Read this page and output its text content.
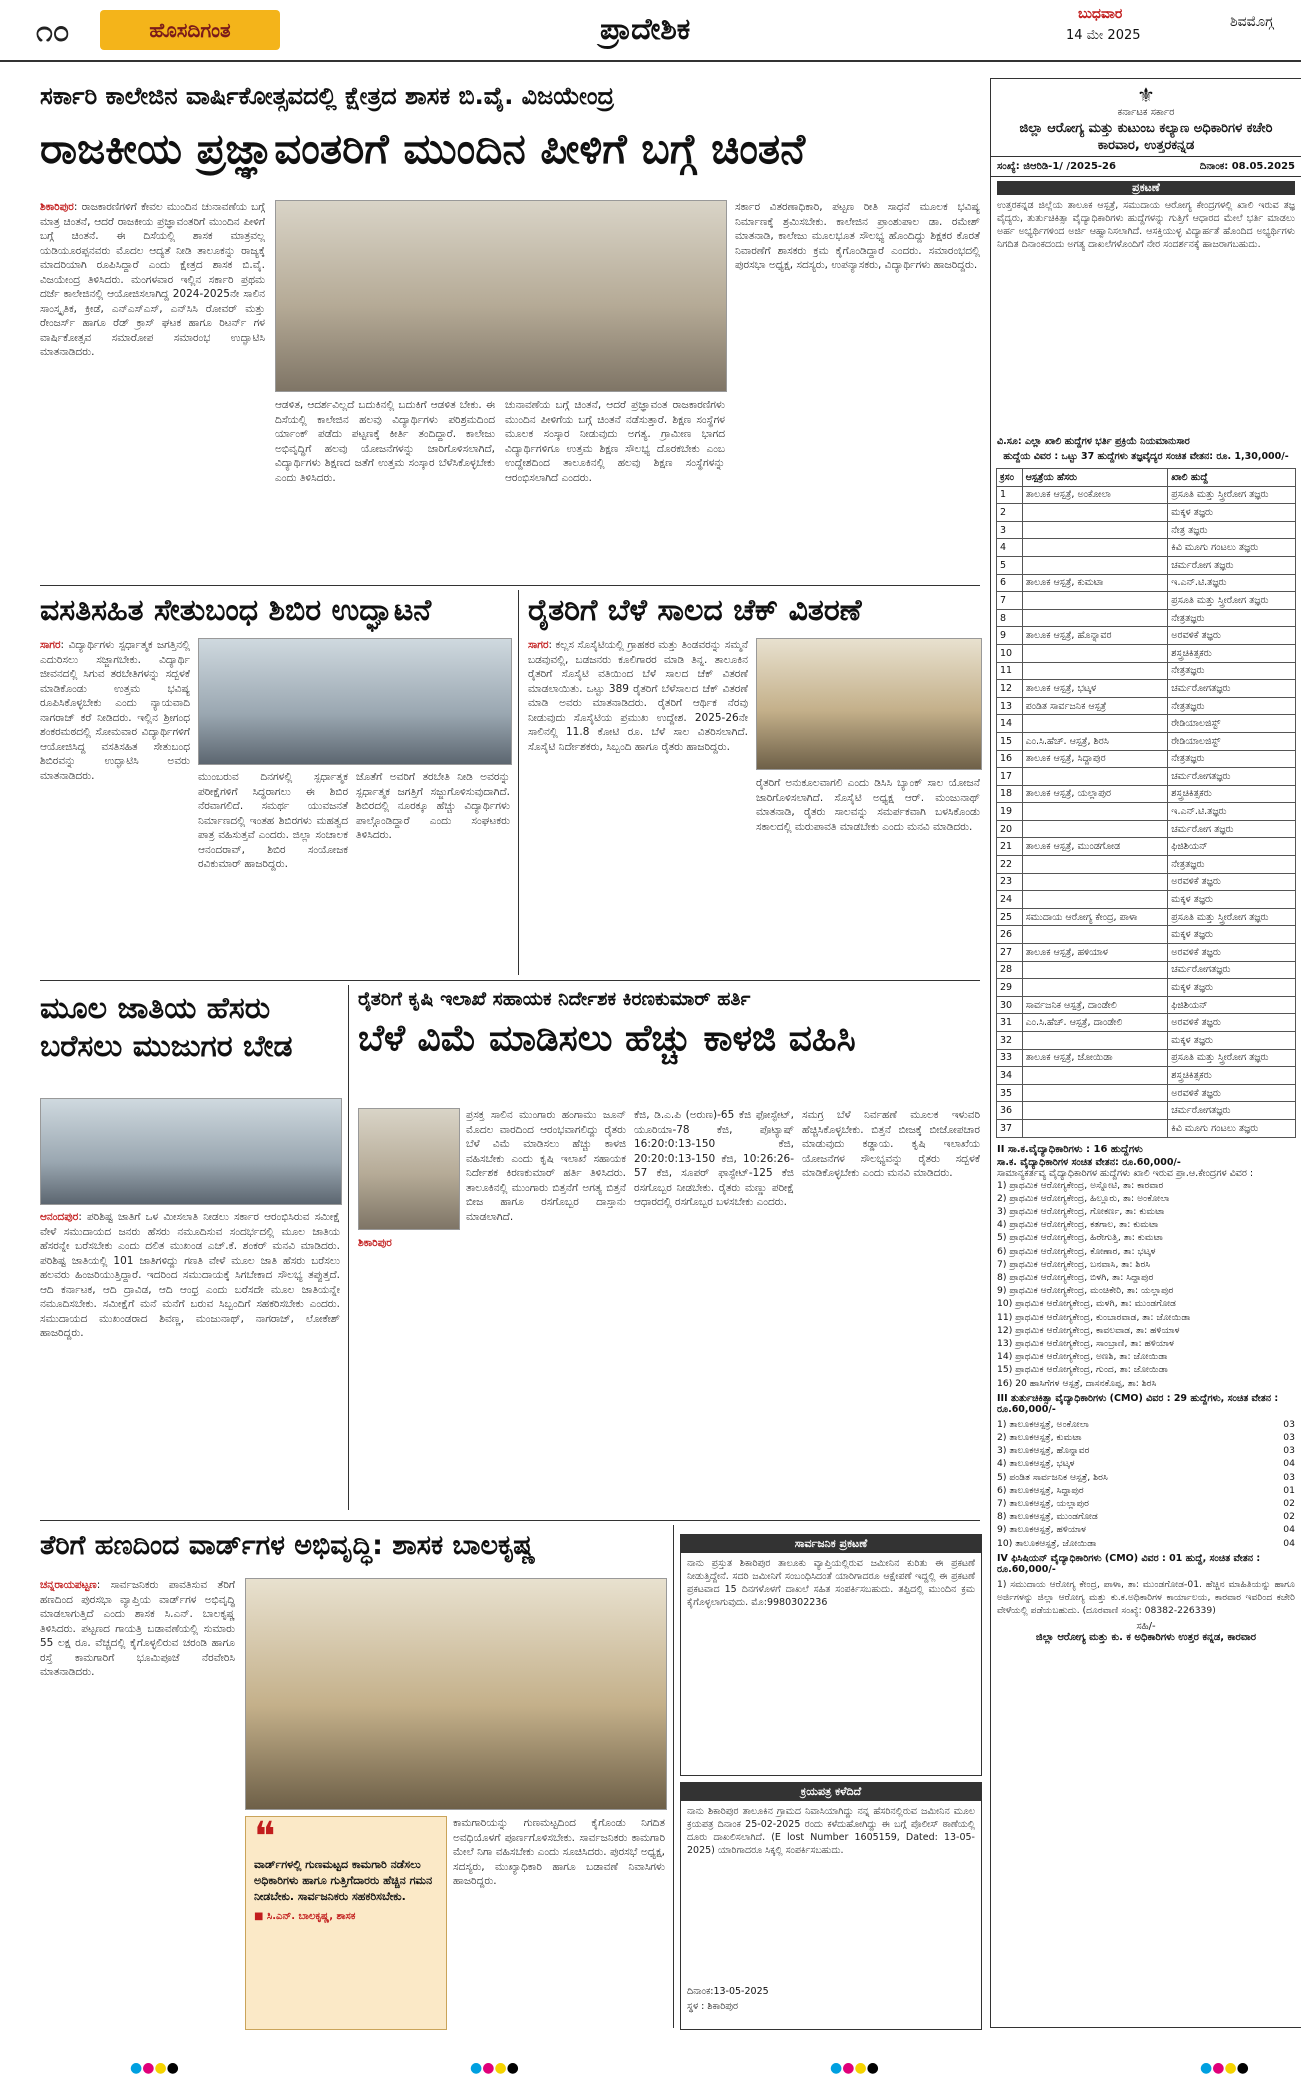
೧೦	ಹೊಸದಿಗಂತ	ಪ್ರಾದೇಶಿಕ	ಬುಧವಾರ
14 ಮೇ 2025
ಶಿವಮೊಗ್ಗ
ಸರ್ಕಾರಿ ಕಾಲೇಜಿನ ವಾರ್ಷಿಕೋತ್ಸವದಲ್ಲಿ ಕ್ಷೇತ್ರದ ಶಾಸಕ ಬಿ.ವೈ. ವಿಜಯೇಂದ್ರ
ರಾಜಕೀಯ ಪ್ರಜ್ಞಾವಂತರಿಗೆ ಮುಂದಿನ ಪೀಳಿಗೆ ಬಗ್ಗೆ ಚಿಂತನೆ
ಶಿಕಾರಿಪುರ: ರಾಜಕಾರಣಿಗಳಿಗೆ ಕೇವಲ ಮುಂದಿನ ಚುನಾವಣೆಯ ಬಗ್ಗೆ ಮಾತ್ರ ಚಿಂತನೆ, ಆದರೆ ರಾಜಕೀಯ ಪ್ರಜ್ಞಾವಂತರಿಗೆ ಮುಂದಿನ ಪೀಳಿಗೆ ಬಗ್ಗೆ ಚಿಂತನೆ. ಈ ದಿಸೆಯಲ್ಲಿ ಶಾಸಕ ಮಾತ್ರವಲ್ಲ ಯಡಿಯೂರಪ್ಪನವರು ಮೊದಲ ಆದ್ಯತೆ ನೀಡಿ ತಾಲೂಕನ್ನು ರಾಜ್ಯಕ್ಕೆ ಮಾದರಿಯಾಗಿ ರೂಪಿಸಿದ್ದಾರೆ ಎಂದು ಕ್ಷೇತ್ರದ ಶಾಸಕ ಬಿ.ವೈ. ವಿಜಯೇಂದ್ರ ತಿಳಿಸಿದರು. ಮಂಗಳವಾರ ಇಲ್ಲಿನ ಸರ್ಕಾರಿ ಪ್ರಥಮ ದರ್ಜೆ ಕಾಲೇಜಿನಲ್ಲಿ ಆಯೋಜಿಸಲಾಗಿದ್ದ 2024-2025ನೇ ಸಾಲಿನ ಸಾಂಸ್ಕೃತಿಕ, ಕ್ರೀಡೆ, ಎನ್‌ಎಸ್‌ಎಸ್, ಎನ್‌ಸಿಸಿ ರೋವರ್ ಮತ್ತು ರೇಂಜರ್ಸ್ ಹಾಗೂ ರೆಡ್ ಕ್ರಾಸ್ ಘಟಕ ಹಾಗೂ ರಿಟರ್ನ್ ಗಳ ವಾರ್ಷಿಕೋತ್ಸವ ಸಮಾರೋಪ ಸಮಾರಂಭ ಉದ್ಘಾಟಿಸಿ ಮಾತನಾಡಿದರು.
ಆಡಳಿತ, ಆದರ್ಶವಿಲ್ಲದೆ ಬದುಕಿನಲ್ಲಿ ಬದುಕಿಗೆ ಆಡಳಿತ ಬೇಕು. ಈ ದಿಸೆಯಲ್ಲಿ ಕಾಲೇಜಿನ ಹಲವು ವಿದ್ಯಾರ್ಥಿಗಳು ಪರಿಶ್ರಮದಿಂದ ರ್ಯಾಂಕ್ ಪಡೆದು ಪಟ್ಟಣಕ್ಕೆ ಕೀರ್ತಿ ತಂದಿದ್ದಾರೆ. ಕಾಲೇಜು ಅಭಿವೃದ್ಧಿಗೆ ಹಲವು ಯೋಜನೆಗಳನ್ನು ಜಾರಿಗೊಳಿಸಲಾಗಿದೆ, ವಿದ್ಯಾರ್ಥಿಗಳು ಶಿಕ್ಷಣದ ಜತೆಗೆ ಉತ್ತಮ ಸಂಸ್ಕಾರ ಬೆಳೆಸಿಕೊಳ್ಳಬೇಕು ಎಂದು ತಿಳಿಸಿದರು.
ಚುನಾವಣೆಯ ಬಗ್ಗೆ ಚಿಂತನೆ, ಆದರೆ ಪ್ರಜ್ಞಾವಂತ ರಾಜಕಾರಣಿಗಳು ಮುಂದಿನ ಪೀಳಿಗೆಯ ಬಗ್ಗೆ ಚಿಂತನೆ ನಡೆಸುತ್ತಾರೆ. ಶಿಕ್ಷಣ ಸಂಸ್ಥೆಗಳ ಮೂಲಕ ಸಂಸ್ಕಾರ ನೀಡುವುದು ಅಗತ್ಯ. ಗ್ರಾಮೀಣ ಭಾಗದ ವಿದ್ಯಾರ್ಥಿಗಳಿಗೂ ಉತ್ತಮ ಶಿಕ್ಷಣ ಸೌಲಭ್ಯ ದೊರಕಬೇಕು ಎಂಬ ಉದ್ದೇಶದಿಂದ ತಾಲೂಕಿನಲ್ಲಿ ಹಲವು ಶಿಕ್ಷಣ ಸಂಸ್ಥೆಗಳನ್ನು ಆರಂಭಿಸಲಾಗಿದೆ ಎಂದರು.
ಸರ್ಕಾರ ವಿತರಣಾಧಿಕಾರಿ, ಪಟ್ಟಣ ರೀತಿ ಸಾಧನೆ ಮೂಲಕ ಭವಿಷ್ಯ ನಿರ್ಮಾಣಕ್ಕೆ ಶ್ರಮಿಸಬೇಕು. ಕಾಲೇಜಿನ ಪ್ರಾಂಶುಪಾಲ ಡಾ. ರಮೇಶ್ ಮಾತನಾಡಿ, ಕಾಲೇಜು ಮೂಲಭೂತ ಸೌಲಭ್ಯ ಹೊಂದಿದ್ದು ಶಿಕ್ಷಕರ ಕೊರತೆ ನಿವಾರಣೆಗೆ ಶಾಸಕರು ಕ್ರಮ ಕೈಗೊಂಡಿದ್ದಾರೆ ಎಂದರು. ಸಮಾರಂಭದಲ್ಲಿ ಪುರಸಭಾ ಅಧ್ಯಕ್ಷ, ಸದಸ್ಯರು, ಉಪನ್ಯಾಸಕರು, ವಿದ್ಯಾರ್ಥಿಗಳು ಹಾಜರಿದ್ದರು.
ವಸತಿಸಹಿತ ಸೇತುಬಂಧ ಶಿಬಿರ ಉದ್ಘಾಟನೆ
ಸಾಗರ: ವಿದ್ಯಾರ್ಥಿಗಳು ಸ್ಪರ್ಧಾತ್ಮಕ ಜಗತ್ತಿನಲ್ಲಿ ಎದುರಿಸಲು ಸಜ್ಜಾಗಬೇಕು. ವಿದ್ಯಾರ್ಥಿ ಜೀವನದಲ್ಲಿ ಸಿಗುವ ತರಬೇತಿಗಳನ್ನು ಸದ್ಬಳಕೆ ಮಾಡಿಕೊಂಡು ಉತ್ತಮ ಭವಿಷ್ಯ ರೂಪಿಸಿಕೊಳ್ಳಬೇಕು ಎಂದು ನ್ಯಾಯವಾದಿ ನಾಗರಾಜ್ ಕರೆ ನೀಡಿದರು. ಇಲ್ಲಿನ ಶ್ರೀಗಂಧ ಶಂಕರಮಠದಲ್ಲಿ ಸೋಮವಾರ ವಿದ್ಯಾರ್ಥಿಗಳಿಗೆ ಆಯೋಜಿಸಿದ್ದ ವಸತಿಸಹಿತ ಸೇತುಬಂಧ ಶಿಬಿರವನ್ನು ಉದ್ಘಾಟಿಸಿ ಅವರು ಮಾತನಾಡಿದರು.	ಮುಂಬರುವ ದಿನಗಳಲ್ಲಿ ಸ್ಪರ್ಧಾತ್ಮಕ ಪರೀಕ್ಷೆಗಳಿಗೆ ಸಿದ್ಧರಾಗಲು ಈ ಶಿಬಿರ ನೆರವಾಗಲಿದೆ. ಸಮರ್ಥ ಯುವಜನತೆ ನಿರ್ಮಾಣದಲ್ಲಿ ಇಂತಹ ಶಿಬಿರಗಳು ಮಹತ್ವದ ಪಾತ್ರ ವಹಿಸುತ್ತವೆ ಎಂದರು. ಜಿಲ್ಲಾ ಸಂಚಾಲಕ ಆನಂದರಾವ್, ಶಿಬಿರ ಸಂಯೋಜಕ ರವಿಕುಮಾರ್ ಹಾಜರಿದ್ದರು.
ಜೊತೆಗೆ ಅವರಿಗೆ ತರಬೇತಿ ನೀಡಿ ಅವರನ್ನು ಸ್ಪರ್ಧಾತ್ಮಕ ಜಗತ್ತಿಗೆ ಸಜ್ಜುಗೊಳಿಸುವುದಾಗಿದೆ. ಶಿಬಿರದಲ್ಲಿ ನೂರಕ್ಕೂ ಹೆಚ್ಚು ವಿದ್ಯಾರ್ಥಿಗಳು ಪಾಲ್ಗೊಂಡಿದ್ದಾರೆ ಎಂದು ಸಂಘಟಕರು ತಿಳಿಸಿದರು.
ರೈತರಿಗೆ ಬೆಳೆ ಸಾಲದ ಚೆಕ್ ವಿತರಣೆ
ಸಾಗರ: ಕಲ್ಲಸ ಸೊಸೈಟಿಯಲ್ಲಿ ಗ್ರಾಹಕರ ಮತ್ತು ತಿಂಡವರನ್ನು ಸಮ್ಮನೆ ಬಡವುವಲ್ಲಿ, ಬಡಜನರು ಕೂಲಿಗಾರರ ಮಾಡಿ ತಿನ್ನ. ತಾಲೂಕಿನ ರೈತರಿಗೆ ಸೊಸೈಟಿ ವತಿಯಿಂದ ಬೆಳೆ ಸಾಲದ ಚೆಕ್ ವಿತರಣೆ ಮಾಡಲಾಯಿತು. ಒಟ್ಟು 389 ರೈತರಿಗೆ ಬೆಳೆಸಾಲದ ಚೆಕ್ ವಿತರಣೆ ಮಾಡಿ ಅವರು ಮಾತನಾಡಿದರು. ರೈತರಿಗೆ ಆರ್ಥಿಕ ನೆರವು ನೀಡುವುದು ಸೊಸೈಟಿಯ ಪ್ರಮುಖ ಉದ್ದೇಶ. 2025-26ನೇ ಸಾಲಿನಲ್ಲಿ 11.8 ಕೋಟಿ ರೂ. ಬೆಳೆ ಸಾಲ ವಿತರಿಸಲಾಗಿದೆ. ಸೊಸೈಟಿ ನಿರ್ದೇಶಕರು, ಸಿಬ್ಬಂದಿ ಹಾಗೂ ರೈತರು ಹಾಜರಿದ್ದರು.
ರೈತರಿಗೆ ಅನುಕೂಲವಾಗಲಿ ಎಂದು ಡಿಸಿಸಿ ಬ್ಯಾಂಕ್ ಸಾಲ ಯೋಜನೆ ಜಾರಿಗೊಳಿಸಲಾಗಿದೆ. ಸೊಸೈಟಿ ಅಧ್ಯಕ್ಷ ಆರ್. ಮಂಜುನಾಥ್ ಮಾತನಾಡಿ, ರೈತರು ಸಾಲವನ್ನು ಸಮರ್ಪಕವಾಗಿ ಬಳಸಿಕೊಂಡು ಸಕಾಲದಲ್ಲಿ ಮರುಪಾವತಿ ಮಾಡಬೇಕು ಎಂದು ಮನವಿ ಮಾಡಿದರು.
ಮೂಲ ಜಾತಿಯ ಹೆಸರು ಬರೆಸಲು ಮುಜುಗರ ಬೇಡ
ಆನಂದಪುರ: ಪರಿಶಿಷ್ಟ ಜಾತಿಗೆ ಒಳ ಮೀಸಲಾತಿ ನೀಡಲು ಸರ್ಕಾರ ಆರಂಭಿಸಿರುವ ಸಮೀಕ್ಷೆ ವೇಳೆ ಸಮುದಾಯದ ಜನರು ಹೆಸರು ನಮೂದಿಸುವ ಸಂದರ್ಭದಲ್ಲಿ ಮೂಲ ಜಾತಿಯ ಹೆಸರನ್ನೇ ಬರೆಸಬೇಕು ಎಂದು ದಲಿತ ಮುಖಂಡ ಎಚ್.ಕೆ. ಶಂಕರ್ ಮನವಿ ಮಾಡಿದರು. ಪರಿಶಿಷ್ಟ ಜಾತಿಯಲ್ಲಿ 101 ಜಾತಿಗಳಿದ್ದು ಗಣತಿ ವೇಳೆ ಮೂಲ ಜಾತಿ ಹೆಸರು ಬರೆಸಲು ಹಲವರು ಹಿಂಜರಿಯುತ್ತಿದ್ದಾರೆ. ಇದರಿಂದ ಸಮುದಾಯಕ್ಕೆ ಸಿಗಬೇಕಾದ ಸೌಲಭ್ಯ ತಪ್ಪುತ್ತದೆ. ಆದಿ ಕರ್ನಾಟಕ, ಆದಿ ದ್ರಾವಿಡ, ಆದಿ ಆಂಧ್ರ ಎಂದು ಬರೆಸದೇ ಮೂಲ ಜಾತಿಯನ್ನೇ ನಮೂದಿಸಬೇಕು. ಸಮೀಕ್ಷೆಗೆ ಮನೆ ಮನೆಗೆ ಬರುವ ಸಿಬ್ಬಂದಿಗೆ ಸಹಕರಿಸಬೇಕು ಎಂದರು. ಸಮುದಾಯದ ಮುಖಂಡರಾದ ಶಿವಣ್ಣ, ಮಂಜುನಾಥ್, ನಾಗರಾಜ್, ಲೋಕೇಶ್ ಹಾಜರಿದ್ದರು.
ರೈತರಿಗೆ ಕೃಷಿ ಇಲಾಖೆ ಸಹಾಯಕ ನಿರ್ದೇಶಕ ಕಿರಣಕುಮಾರ್ ಹರ್ತಿ
ಬೆಳೆ ವಿಮೆ ಮಾಡಿಸಲು ಹೆಚ್ಚು ಕಾಳಜಿ ವಹಿಸಿ
ಶಿಕಾರಿಪುರ
ಪ್ರಸಕ್ತ ಸಾಲಿನ ಮುಂಗಾರು ಹಂಗಾಮು ಜೂನ್ ಮೊದಲ ವಾರದಿಂದ ಆರಂಭವಾಗಲಿದ್ದು ರೈತರು ಬೆಳೆ ವಿಮೆ ಮಾಡಿಸಲು ಹೆಚ್ಚು ಕಾಳಜಿ ವಹಿಸಬೇಕು ಎಂದು ಕೃಷಿ ಇಲಾಖೆ ಸಹಾಯಕ ನಿರ್ದೇಶಕ ಕಿರಣಕುಮಾರ್ ಹರ್ತಿ ತಿಳಿಸಿದರು. ತಾಲೂಕಿನಲ್ಲಿ ಮುಂಗಾರು ಬಿತ್ತನೆಗೆ ಅಗತ್ಯ ಬಿತ್ತನೆ ಬೀಜ ಹಾಗೂ ರಸಗೊಬ್ಬರ ದಾಸ್ತಾನು ಮಾಡಲಾಗಿದೆ.
ಕೆಜಿ, ಡಿ.ಎ.ಪಿ (ಅರುಣ)-65 ಕೆಜಿ ಫೋಸ್ಫೇಟ್, ಯೂರಿಯಾ-78 ಕೆಜಿ, ಪೊಟ್ಯಾಷ್ 16:20:0:13-150 ಕೆಜಿ, 20:20:0:13-150 ಕೆಜಿ, 10:26:26-57 ಕೆಜಿ, ಸೂಪರ್ ಫಾಸ್ಫೇಟ್-125 ಕೆಜಿ ರಸಗೊಬ್ಬರ ನೀಡಬೇಕು. ರೈತರು ಮಣ್ಣು ಪರೀಕ್ಷೆ ಆಧಾರದಲ್ಲಿ ರಸಗೊಬ್ಬರ ಬಳಸಬೇಕು ಎಂದರು.
ಸಮಗ್ರ ಬೆಳೆ ನಿರ್ವಹಣೆ ಮೂಲಕ ಇಳುವರಿ ಹೆಚ್ಚಿಸಿಕೊಳ್ಳಬೇಕು. ಬಿತ್ತನೆ ಬೀಜಕ್ಕೆ ಬೀಜೋಪಚಾರ ಮಾಡುವುದು ಕಡ್ಡಾಯ. ಕೃಷಿ ಇಲಾಖೆಯ ಯೋಜನೆಗಳ ಸೌಲಭ್ಯವನ್ನು ರೈತರು ಸದ್ಬಳಕೆ ಮಾಡಿಕೊಳ್ಳಬೇಕು ಎಂದು ಮನವಿ ಮಾಡಿದರು.
ತೆರಿಗೆ ಹಣದಿಂದ ವಾರ್ಡ್‌ಗಳ ಅಭಿವೃದ್ಧಿ: ಶಾಸಕ ಬಾಲಕೃಷ್ಣ
ಚನ್ನರಾಯಪಟ್ಟಣ: ಸಾರ್ವಜನಿಕರು ಪಾವತಿಸುವ ತೆರಿಗೆ ಹಣದಿಂದ ಪುರಸಭಾ ವ್ಯಾಪ್ತಿಯ ವಾರ್ಡ್‌ಗಳ ಅಭಿವೃದ್ಧಿ ಮಾಡಲಾಗುತ್ತಿದೆ ಎಂದು ಶಾಸಕ ಸಿ.ಎನ್. ಬಾಲಕೃಷ್ಣ ತಿಳಿಸಿದರು. ಪಟ್ಟಣದ ಗಾಯತ್ರಿ ಬಡಾವಣೆಯಲ್ಲಿ ಸುಮಾರು 55 ಲಕ್ಷ ರೂ. ವೆಚ್ಚದಲ್ಲಿ ಕೈಗೊಳ್ಳಲಿರುವ ಚರಂಡಿ ಹಾಗೂ ರಸ್ತೆ ಕಾಮಗಾರಿಗೆ ಭೂಮಿಪೂಜೆ ನೆರವೇರಿಸಿ ಮಾತನಾಡಿದರು.
❝
ವಾರ್ಡ್‌ಗಳಲ್ಲಿ ಗುಣಮಟ್ಟದ ಕಾಮಗಾರಿ ನಡೆಸಲು ಅಧಿಕಾರಿಗಳು ಹಾಗೂ ಗುತ್ತಿಗೆದಾರರು ಹೆಚ್ಚಿನ ಗಮನ ನೀಡಬೇಕು. ಸಾರ್ವಜನಿಕರು ಸಹಕರಿಸಬೇಕು.
■ ಸಿ.ಎನ್. ಬಾಲಕೃಷ್ಣ, ಶಾಸಕ
ಕಾಮಗಾರಿಯನ್ನು ಗುಣಮಟ್ಟದಿಂದ ಕೈಗೊಂಡು ನಿಗದಿತ ಅವಧಿಯೊಳಗೆ ಪೂರ್ಣಗೊಳಿಸಬೇಕು. ಸಾರ್ವಜನಿಕರು ಕಾಮಗಾರಿ ಮೇಲೆ ನಿಗಾ ವಹಿಸಬೇಕು ಎಂದು ಸೂಚಿಸಿದರು. ಪುರಸಭೆ ಅಧ್ಯಕ್ಷ, ಸದಸ್ಯರು, ಮುಖ್ಯಾಧಿಕಾರಿ ಹಾಗೂ ಬಡಾವಣೆ ನಿವಾಸಿಗಳು ಹಾಜರಿದ್ದರು.
ಸಾರ್ವಜನಿಕ ಪ್ರಕಟಣೆ
ನಾನು ಪ್ರಸ್ತುತ ಶಿಕಾರಿಪುರ ತಾಲೂಕು ವ್ಯಾಪ್ತಿಯಲ್ಲಿರುವ ಜಮೀನಿನ ಕುರಿತು ಈ ಪ್ರಕಟಣೆ ನೀಡುತ್ತಿದ್ದೇನೆ. ಸದರಿ ಜಮೀನಿಗೆ ಸಂಬಂಧಿಸಿದಂತೆ ಯಾರಿಗಾದರೂ ಆಕ್ಷೇಪಣೆ ಇದ್ದಲ್ಲಿ ಈ ಪ್ರಕಟಣೆ ಪ್ರಕಟವಾದ 15 ದಿನಗಳೊಳಗೆ ದಾಖಲೆ ಸಹಿತ ಸಂಪರ್ಕಿಸಬಹುದು. ತಪ್ಪಿದಲ್ಲಿ ಮುಂದಿನ ಕ್ರಮ ಕೈಗೊಳ್ಳಲಾಗುವುದು. ಮೊ:9980302236
ಕ್ರಯಪತ್ರ ಕಳೆದಿದೆ
ನಾನು ಶಿಕಾರಿಪುರ ತಾಲೂಕಿನ ಗ್ರಾಮದ ನಿವಾಸಿಯಾಗಿದ್ದು ನನ್ನ ಹೆಸರಿನಲ್ಲಿರುವ ಜಮೀನಿನ ಮೂಲ ಕ್ರಯಪತ್ರ ದಿನಾಂಕ 25-02-2025 ರಂದು ಕಳೆದುಹೋಗಿದ್ದು ಈ ಬಗ್ಗೆ ಪೊಲೀಸ್ ಠಾಣೆಯಲ್ಲಿ ದೂರು ದಾಖಲಿಸಲಾಗಿದೆ. (E lost Number 1605159, Dated: 13-05-2025) ಯಾರಿಗಾದರೂ ಸಿಕ್ಕಲ್ಲಿ ಸಂಪರ್ಕಿಸಬಹುದು.
ದಿನಾಂಕ:13-05-2025
ಸ್ಥಳ : ಶಿಕಾರಿಪುರ
⚜
ಕರ್ನಾಟಕ ಸರ್ಕಾರ
ಜಿಲ್ಲಾ ಆರೋಗ್ಯ ಮತ್ತು ಕುಟುಂಬ ಕಲ್ಯಾಣ ಅಧಿಕಾರಿಗಳ ಕಚೇರಿ ಕಾರವಾರ, ಉತ್ತರಕನ್ನಡ
ಸಂಖ್ಯೆ: ಜಿಆರಿಡಿ-1/ /2025-26	ದಿನಾಂಕ: 08.05.2025
ಪ್ರಕಟಣೆ
ಉತ್ತರಕನ್ನಡ ಜಿಲ್ಲೆಯ ತಾಲೂಕ ಆಸ್ಪತ್ರೆ, ಸಮುದಾಯ ಆರೋಗ್ಯ ಕೇಂದ್ರಗಳಲ್ಲಿ ಖಾಲಿ ಇರುವ ತಜ್ಞ ವೈದ್ಯರು, ತುರ್ತುಚಿಕಿತ್ಸಾ ವೈದ್ಯಾಧಿಕಾರಿಗಳು ಹುದ್ದೆಗಳನ್ನು ಗುತ್ತಿಗೆ ಆಧಾರದ ಮೇಲೆ ಭರ್ತಿ ಮಾಡಲು ಅರ್ಹ ಅಭ್ಯರ್ಥಿಗಳಿಂದ ಅರ್ಜಿ ಆಹ್ವಾನಿಸಲಾಗಿದೆ. ಆಸಕ್ತಿಯುಳ್ಳ ವಿದ್ಯಾರ್ಹತೆ ಹೊಂದಿದ ಅಭ್ಯರ್ಥಿಗಳು ನಿಗದಿತ ದಿನಾಂಕದಂದು ಅಗತ್ಯ ದಾಖಲೆಗಳೊಂದಿಗೆ ನೇರ ಸಂದರ್ಶನಕ್ಕೆ ಹಾಜರಾಗಬಹುದು.
ವಿ.ಸೂ: ಎಲ್ಲಾ ಖಾಲಿ ಹುದ್ದೆಗಳ ಭರ್ತಿ ಪ್ರಕ್ರಿಯೆ ನಿಯಮಾನುಸಾರ
ಹುದ್ದೆಯ ವಿವರ : ಒಟ್ಟು 37 ಹುದ್ದೆಗಳು ತಜ್ಞವೈದ್ಯರ ಸಂಚಿತ ವೇತನ: ರೂ. 1,30,000/-
ಕ್ರಸಂ	ಆಸ್ಪತ್ರೆಯ ಹೆಸರು	ಖಾಲಿ ಹುದ್ದೆ
1	ತಾಲೂಕ ಆಸ್ಪತ್ರೆ, ಅಂಕೋಲಾ	ಪ್ರಸೂತಿ ಮತ್ತು ಸ್ತ್ರೀರೋಗ ತಜ್ಞರು
2		ಮಕ್ಕಳ ತಜ್ಞರು
3		ನೇತ್ರ ತಜ್ಞರು
4		ಕಿವಿ ಮೂಗು ಗಂಟಲು ತಜ್ಞರು
5		ಚರ್ಮರೋಗ ತಜ್ಞರು
6	ತಾಲೂಕ ಆಸ್ಪತ್ರೆ, ಕುಮಟಾ	ಇ.ಎನ್.ಟಿ.ತಜ್ಞರು
7		ಪ್ರಸೂತಿ ಮತ್ತು ಸ್ತ್ರೀರೋಗ ತಜ್ಞರು
8		ನೇತ್ರತಜ್ಞರು
9	ತಾಲೂಕ ಆಸ್ಪತ್ರೆ, ಹೊನ್ನಾವರ	ಅರವಳಿಕೆ ತಜ್ಞರು
10		ಶಸ್ತ್ರಚಿಕಿತ್ಸಕರು
11		ನೇತ್ರತಜ್ಞರು
12	ತಾಲೂಕ ಆಸ್ಪತ್ರೆ, ಭಟ್ಕಳ	ಚರ್ಮರೋಗತಜ್ಞರು
13	ಪಂಡಿತ ಸಾರ್ವಜನಿಕ ಆಸ್ಪತ್ರೆ	ನೇತ್ರತಜ್ಞರು
14		ರೇಡಿಯಾಲಜಿಸ್ಟ್
15	ಎಂ.ಸಿ.ಹೆಚ್. ಆಸ್ಪತ್ರೆ, ಶಿರಸಿ	ರೇಡಿಯಾಲಜಿಸ್ಟ್
16	ತಾಲೂಕ ಆಸ್ಪತ್ರೆ, ಸಿದ್ದಾಪುರ	ನೇತ್ರತಜ್ಞರು
17		ಚರ್ಮರೋಗತಜ್ಞರು
18	ತಾಲೂಕ ಆಸ್ಪತ್ರೆ, ಯಲ್ಲಾಪುರ	ಶಸ್ತ್ರಚಿಕಿತ್ಸಕರು
19		ಇ.ಎನ್.ಟಿ.ತಜ್ಞರು
20		ಚರ್ಮರೋಗ ತಜ್ಞರು
21	ತಾಲೂಕ ಆಸ್ಪತ್ರೆ, ಮುಂಡಗೋಡ	ಫಿಜಿಶಿಯನ್
22		ನೇತ್ರತಜ್ಞರು
23		ಅರವಳಿಕೆ ತಜ್ಞರು
24		ಮಕ್ಕಳ ತಜ್ಞರು
25	ಸಮುದಾಯ ಆರೋಗ್ಯ ಕೇಂದ್ರ, ಪಾಳಾ	ಪ್ರಸೂತಿ ಮತ್ತು ಸ್ತ್ರೀರೋಗ ತಜ್ಞರು
26		ಮಕ್ಕಳ ತಜ್ಞರು
27	ತಾಲೂಕ ಆಸ್ಪತ್ರೆ, ಹಳಿಯಾಳ	ಅರವಳಿಕೆ ತಜ್ಞರು
28		ಚರ್ಮರೋಗತಜ್ಞರು
29		ಮಕ್ಕಳ ತಜ್ಞರು
30	ಸಾರ್ವಜನಿಕ ಆಸ್ಪತ್ರೆ, ದಾಂಡೇಲಿ	ಫಿಜಿಶಿಯನ್
31	ಎಂ.ಸಿ.ಹೆಚ್. ಆಸ್ಪತ್ರೆ, ದಾಂಡೇಲಿ	ಅರವಳಿಕೆ ತಜ್ಞರು
32		ಮಕ್ಕಳ ತಜ್ಞರು
33	ತಾಲೂಕ ಆಸ್ಪತ್ರೆ, ಜೋಯಿಡಾ	ಪ್ರಸೂತಿ ಮತ್ತು ಸ್ತ್ರೀರೋಗ ತಜ್ಞರು
34		ಶಸ್ತ್ರಚಿಕಿತ್ಸಕರು
35		ಅರವಳಿಕೆ ತಜ್ಞರು
36		ಚರ್ಮರೋಗತಜ್ಞರು
37		ಕಿವಿ ಮೂಗು ಗಂಟಲು ತಜ್ಞರು
II ಸಾ.ಕ.ವೈದ್ಯಾಧಿಕಾರಿಗಳು : 16 ಹುದ್ದೆಗಳು
ಸಾ.ಕ. ವೈದ್ಯಾಧಿಕಾರಿಗಳ ಸಂಚಿತ ವೇತನ: ರೂ.60,000/-
ಸಾಮಾನ್ಯಕರ್ತವ್ಯ ವೈದ್ಯಾಧಿಕಾರಿಗಳ ಹುದ್ದೆಗಳು ಖಾಲಿ ಇರುವ ಪ್ರಾ.ಆ.ಕೇಂದ್ರಗಳ ವಿವರ :
1) ಪ್ರಾಥಮಿಕ ಆರೋಗ್ಯಕೇಂದ್ರ, ಅಸ್ನೋಟಿ, ತಾ: ಕಾರವಾರ
2) ಪ್ರಾಥಮಿಕ ಆರೋಗ್ಯಕೇಂದ್ರ, ಹಿಲ್ಲೂರು, ತಾ: ಅಂಕೋಲಾ
3) ಪ್ರಾಥಮಿಕ ಆರೋಗ್ಯಕೇಂದ್ರ, ಗೋಕರ್ಣ, ತಾ: ಕುಮಟಾ
4) ಪ್ರಾಥಮಿಕ ಆರೋಗ್ಯಕೇಂದ್ರ, ಕತಗಾಲ, ತಾ: ಕುಮಟಾ
5) ಪ್ರಾಥಮಿಕ ಆರೋಗ್ಯಕೇಂದ್ರ, ಹಿರೇಗುತ್ತಿ, ತಾ: ಕುಮಟಾ
6) ಪ್ರಾಥಮಿಕ ಆರೋಗ್ಯಕೇಂದ್ರ, ಕೋಣಾರ, ತಾ: ಭಟ್ಕಳ
7) ಪ್ರಾಥಮಿಕ ಆರೋಗ್ಯಕೇಂದ್ರ, ಬನವಾಸಿ, ತಾ: ಶಿರಸಿ
8) ಪ್ರಾಥಮಿಕ ಆರೋಗ್ಯಕೇಂದ್ರ, ಬಿಳಗಿ, ತಾ: ಸಿದ್ದಾಪುರ
9) ಪ್ರಾಥಮಿಕ ಆರೋಗ್ಯಕೇಂದ್ರ, ಮಂಚಿಕೇರಿ, ತಾ: ಯಲ್ಲಾಪುರ
10) ಪ್ರಾಥಮಿಕ ಆರೋಗ್ಯಕೇಂದ್ರ, ಮಳಗಿ, ತಾ: ಮುಂಡಗೋಡ
11) ಪ್ರಾಥಮಿಕ ಆರೋಗ್ಯಕೇಂದ್ರ, ಕುಂಬಾರವಾಡ, ತಾ: ಜೋಯಿಡಾ
12) ಪ್ರಾಥಮಿಕ ಆರೋಗ್ಯಕೇಂದ್ರ, ಕಾವಲವಾಡ, ತಾ: ಹಳಿಯಾಳ
13) ಪ್ರಾಥಮಿಕ ಆರೋಗ್ಯಕೇಂದ್ರ, ಸಾಂಬ್ರಾಣಿ, ತಾ: ಹಳಿಯಾಳ
14) ಪ್ರಾಥಮಿಕ ಆರೋಗ್ಯಕೇಂದ್ರ, ಅಣಶಿ, ತಾ: ಜೋಯಿಡಾ
15) ಪ್ರಾಥಮಿಕ ಆರೋಗ್ಯಕೇಂದ್ರ, ಗುಂದ, ತಾ: ಜೋಯಿಡಾ
16) 20 ಹಾಸಿಗೆಗಳ ಆಸ್ಪತ್ರೆ, ದಾಸನಕೊಪ್ಪ, ತಾ: ಶಿರಸಿ
III ತುರ್ತುಚಿಕಿತ್ಸಾ ವೈದ್ಯಾಧಿಕಾರಿಗಳು (CMO) ವಿವರ : 29 ಹುದ್ದೆಗಳು, ಸಂಚಿತ ವೇತನ : ರೂ.60,000/-
1) ತಾಲೂಕಆಸ್ಪತ್ರೆ, ಅಂಕೋಲಾ	03
2) ತಾಲೂಕಆಸ್ಪತ್ರೆ, ಕುಮಟಾ	03
3) ತಾಲೂಕಆಸ್ಪತ್ರೆ, ಹೊನ್ನಾವರ	03
4) ತಾಲೂಕಆಸ್ಪತ್ರೆ, ಭಟ್ಕಳ	04
5) ಪಂಡಿತ ಸಾರ್ವಜನಿಕ ಆಸ್ಪತ್ರೆ, ಶಿರಸಿ	03
6) ತಾಲೂಕಆಸ್ಪತ್ರೆ, ಸಿದ್ದಾಪುರ	01
7) ತಾಲೂಕಆಸ್ಪತ್ರೆ, ಯಲ್ಲಾಪುರ	02
8) ತಾಲೂಕಆಸ್ಪತ್ರೆ, ಮುಂಡಗೋಡ	02
9) ತಾಲೂಕಆಸ್ಪತ್ರೆ, ಹಳಿಯಾಳ	04
10) ತಾಲೂಕಆಸ್ಪತ್ರೆ, ಜೋಯಿಡಾ	04
IV ಫಿಸಿಷಿಯನ್ ವೈದ್ಯಾಧಿಕಾರಿಗಳು (CMO) ವಿವರ : 01 ಹುದ್ದೆ, ಸಂಚಿತ ವೇತನ : ರೂ.60,000/-
1) ಸಮುದಾಯ ಆರೋಗ್ಯ ಕೇಂದ್ರ, ಪಾಳಾ, ತಾ: ಮುಂಡಗೋಡ-01. ಹೆಚ್ಚಿನ ಮಾಹಿತಿಯನ್ನು ಹಾಗೂ ಅರ್ಜಿಗಳನ್ನು ಜಿಲ್ಲಾ ಆರೋಗ್ಯ ಮತ್ತು ಕು.ಕ.ಅಧಿಕಾರಿಗಳ ಕಾರ್ಯಾಲಯ, ಕಾರವಾರ ಇವರಿಂದ ಕಚೇರಿ ವೇಳೆಯಲ್ಲಿ ಪಡೆಯಬಹುದು. (ದೂರವಾಣಿ ಸಂಖ್ಯೆ: 08382-226339)
ಸಹಿ/-
ಜಿಲ್ಲಾ ಆರೋಗ್ಯ ಮತ್ತು ಕು. ಕ ಅಧಿಕಾರಿಗಳು ಉತ್ತರ ಕನ್ನಡ, ಕಾರವಾರ
●●●●	●●●●	●●●●	●●●●
